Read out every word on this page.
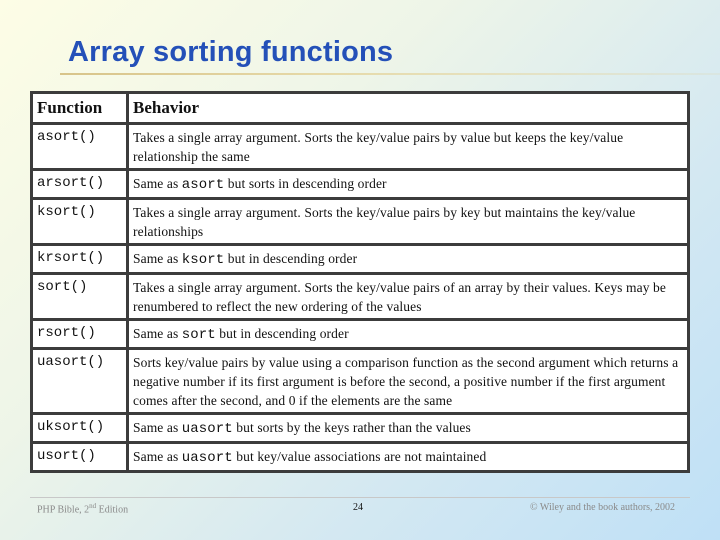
Array sorting functions
Function	Behavior
asort()	Takes a single array argument. Sorts the key/value pairs by value but keeps the key/value relationship the same
arsort()	Same as asort but sorts in descending order
ksort()	Takes a single array argument. Sorts the key/value pairs by key but maintains the key/value relationships
krsort()	Same as ksort but in descending order
sort()	Takes a single array argument. Sorts the key/value pairs of an array by their values. Keys may be renumbered to reflect the new ordering of the values
rsort()	Same as sort but in descending order
uasort()	Sorts key/value pairs by value using a comparison function as the second argument which returns a negative number if its first argument is before the second, a positive number if the first argument comes after the second, and 0 if the elements are the same
uksort()	Same as uasort but sorts by the keys rather than the values
usort()	Same as uasort but key/value associations are not maintained
PHP Bible, 2nd Edition	24	© Wiley and the book authors, 2002
